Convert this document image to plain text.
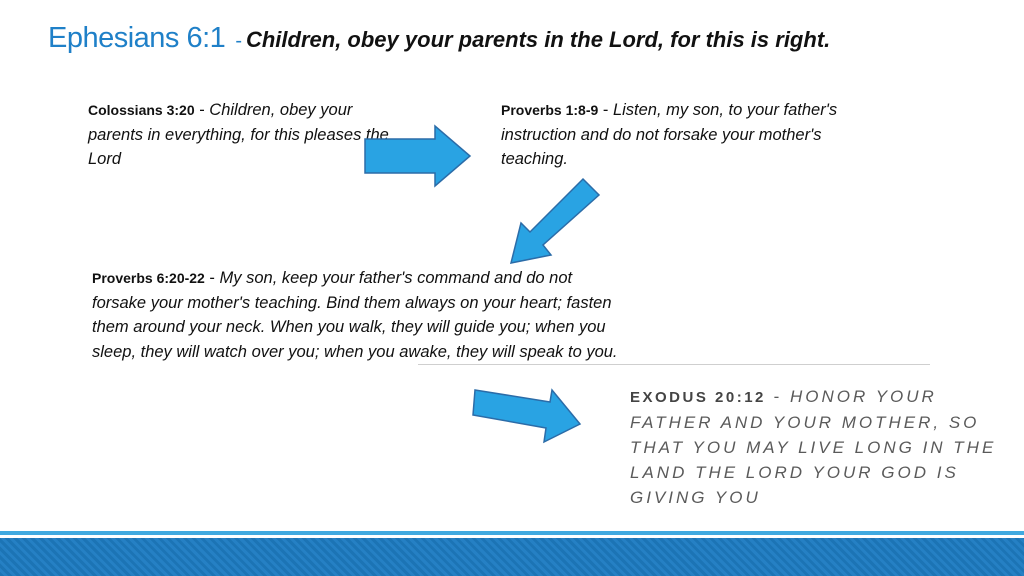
Ephesians 6:1 - Children, obey your parents in the Lord, for this is right.
Colossians 3:20 - Children, obey your parents in everything, for this pleases the Lord
Proverbs 1:8-9 - Listen, my son, to your father's instruction and do not forsake your mother's teaching.
Proverbs 6:20-22 - My son, keep your father's command and do not forsake your mother's teaching. Bind them always on your heart; fasten them around your neck. When you walk, they will guide you; when you sleep, they will watch over you; when you awake, they will speak to you.
EXODUS 20:12 - HONOR YOUR FATHER AND YOUR MOTHER, SO THAT YOU MAY LIVE LONG IN THE LAND THE LORD YOUR GOD IS GIVING YOU
